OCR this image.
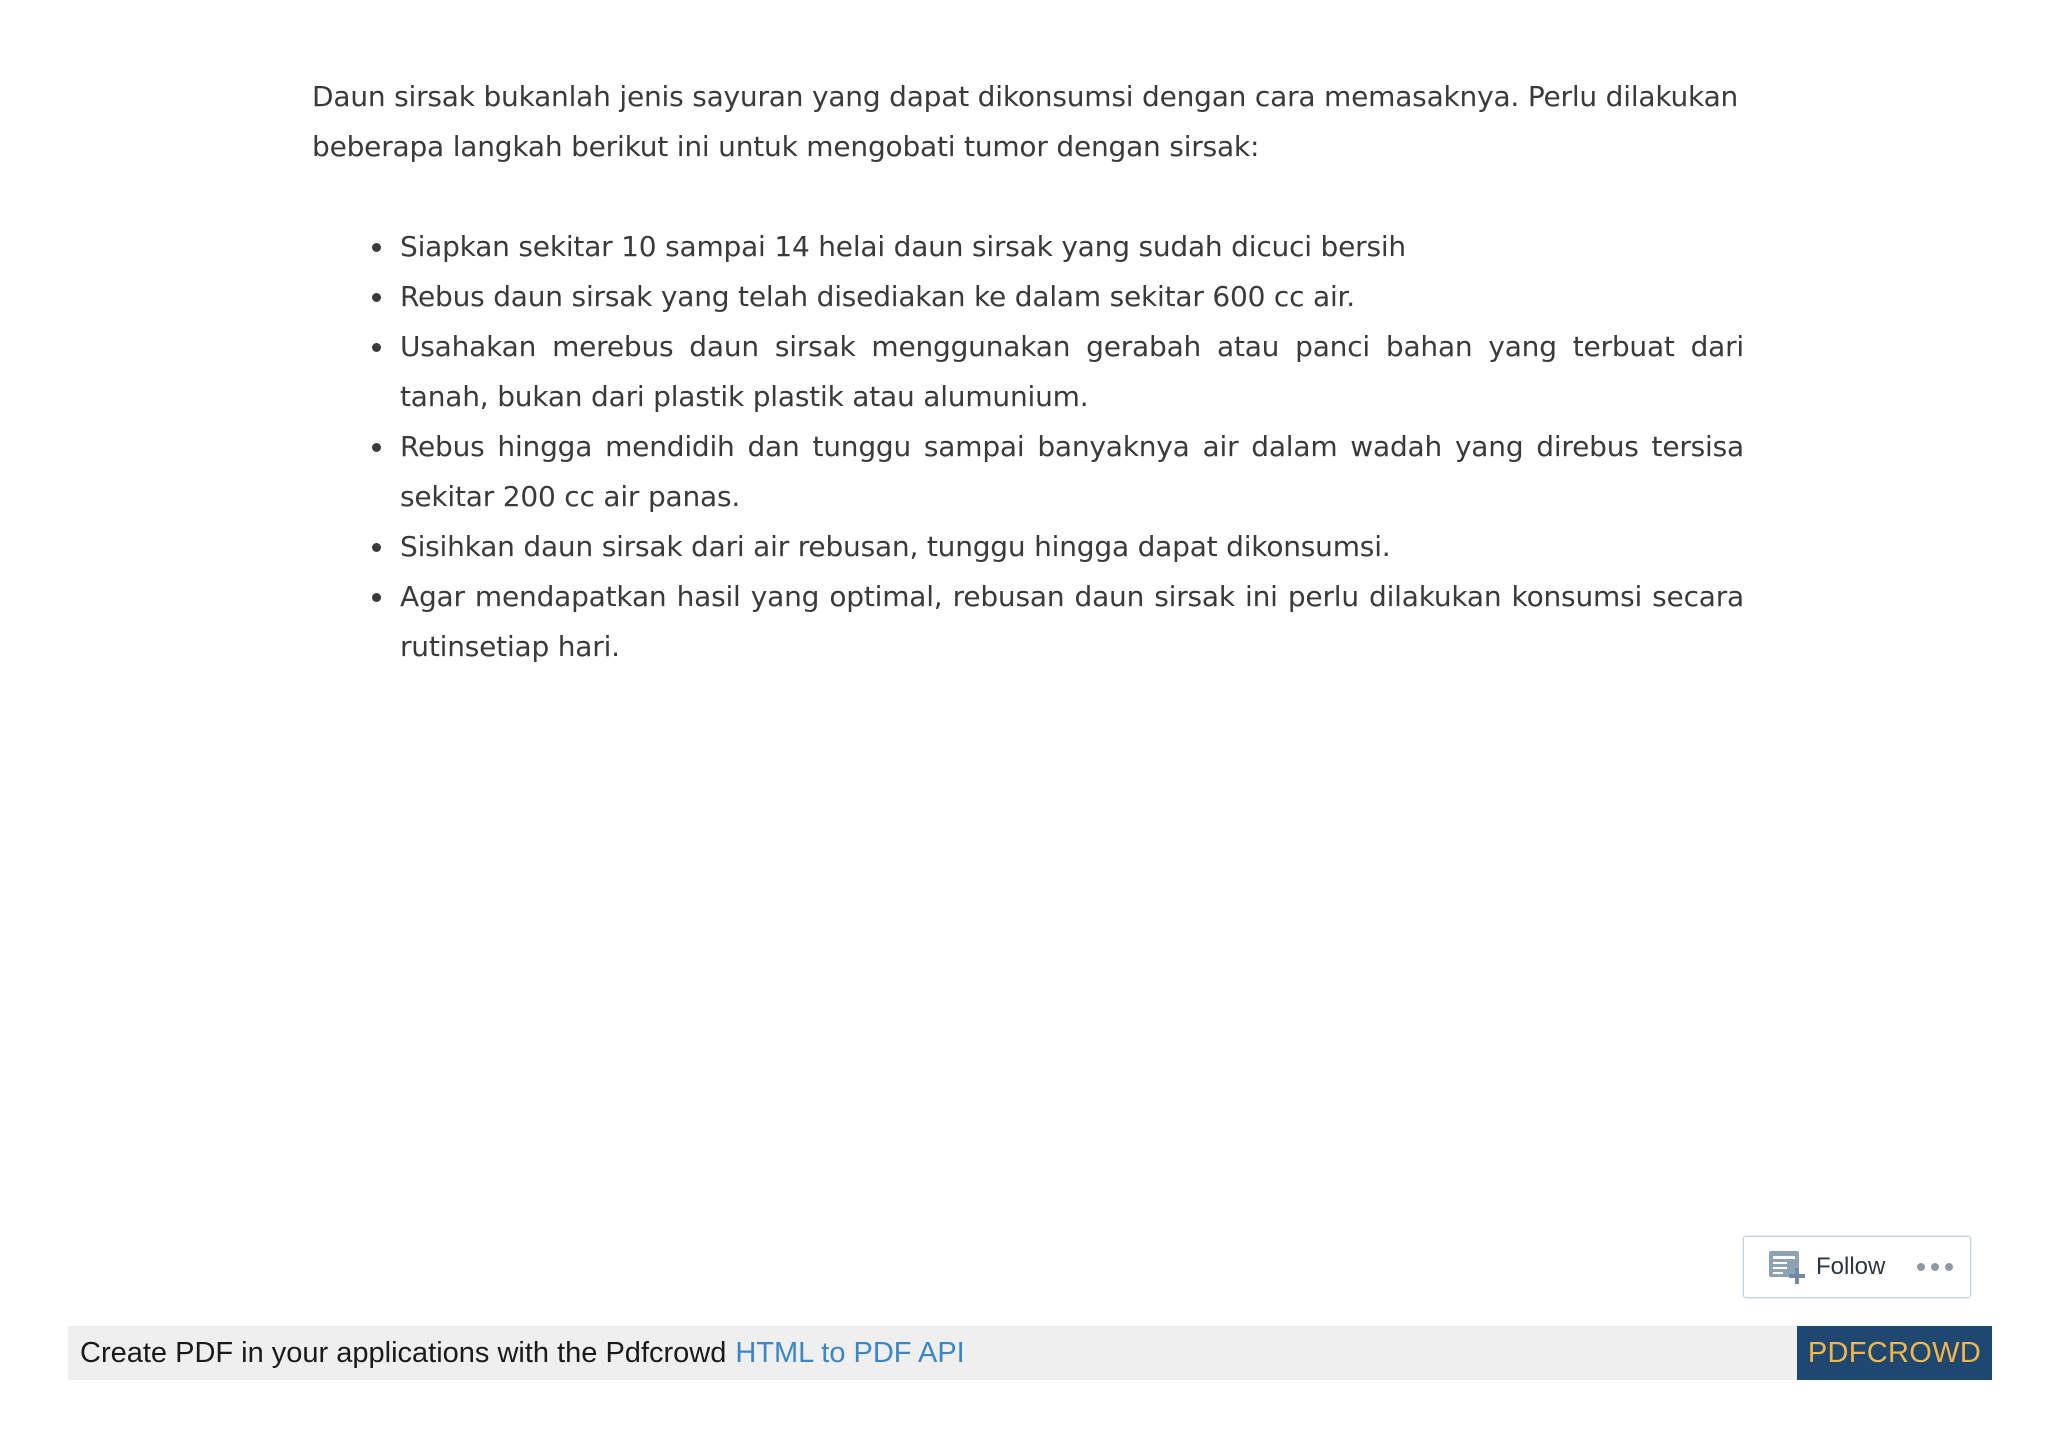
Daun sirsak bukanlah jenis sayuran yang dapat dikonsumsi dengan cara memasaknya. Perlu dilakukan beberapa langkah berikut ini untuk mengobati tumor dengan sirsak:

Siapkan sekitar 10 sampai 14 helai daun sirsak yang sudah dicuci bersih
Rebus daun sirsak yang telah disediakan ke dalam sekitar 600 cc air.
Usahakan merebus daun sirsak menggunakan gerabah atau panci bahan yang terbuat dari tanah, bukan dari plastik plastik atau alumunium.
Rebus hingga mendidih dan tunggu sampai banyaknya air dalam wadah yang direbus tersisa sekitar 200 cc air panas.
Sisihkan daun sirsak dari air rebusan, tunggu hingga dapat dikonsumsi.
Agar mendapatkan hasil yang optimal, rebusan daun sirsak ini perlu dilakukan konsumsi secara rutinsetiap hari.
Follow
Create PDF in your applications with the Pdfcrowd HTML to PDF API	PDFCROWD
